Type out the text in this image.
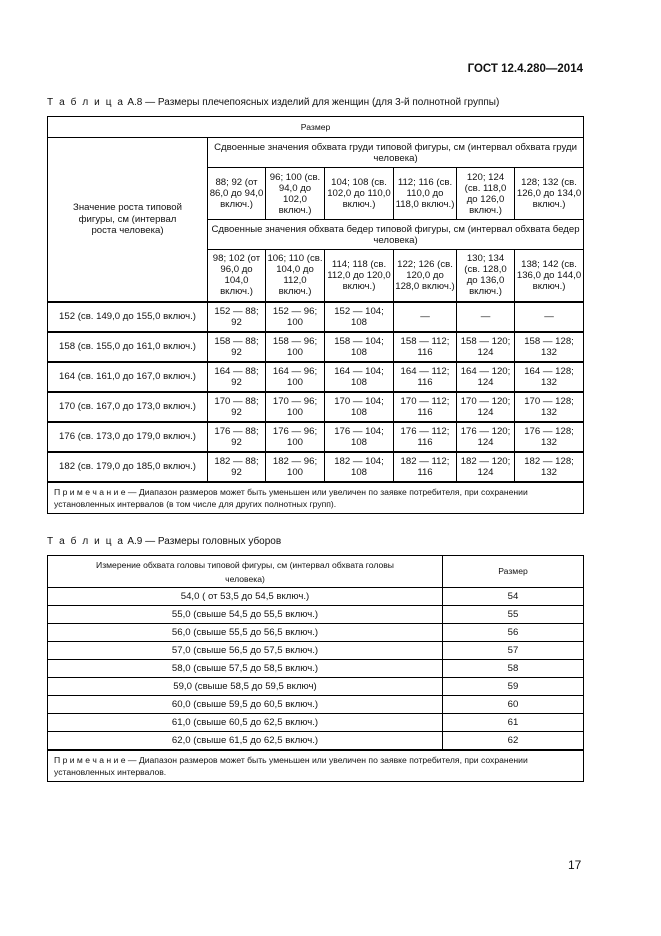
ГОСТ 12.4.280—2014
Т а б л и ц а А.8 — Размеры плечепоясных изделий для женщин (для 3-й полнотной группы)
Размер						
Значение роста типовой фигуры, см (интервал роста человека)	Сдвоенные значения обхвата груди типовой фигуры, см (интервал обхвата груди человека)					
	88; 92 (от 86,0 до 94,0 включ.)	96; 100 (св. 94,0 до 102,0 включ.)	104; 108 (св. 102,0 до 110,0 включ.)	112; 116 (св. 110,0 до 118,0 включ.)	120; 124 (св. 118,0 до 126,0 включ.)	128; 132 (св. 126,0 до 134,0 включ.)
	Сдвоенные значения обхвата бедер типовой фигуры, см (интервал обхвата бедер человека)					
	98; 102 (от 96,0 до 104,0 включ.)	106; 110 (св. 104,0 до 112,0 включ.)	114; 118 (св. 112,0 до 120,0 включ.)	122; 126 (св. 120,0 до 128,0 включ.)	130; 134 (св. 128,0 до 136,0 включ.)	138; 142 (св. 136,0 до 144,0 включ.)
152 (св. 149,0 до 155,0 включ.)	152 — 88; 92	152 — 96; 100	152 — 104; 108	—	—	—
158 (св. 155,0 до 161,0 включ.)	158 — 88; 92	158 — 96; 100	158 — 104; 108	158 — 112; 116	158 — 120; 124	158 — 128; 132
164 (св. 161,0 до 167,0 включ.)	164 — 88; 92	164 — 96; 100	164 — 104; 108	164 — 112; 116	164 — 120; 124	164 — 128; 132
170 (св. 167,0 до 173,0 включ.)	170 — 88; 92	170 — 96; 100	170 — 104; 108	170 — 112; 116	170 — 120; 124	170 — 128; 132
176 (св. 173,0 до 179,0 включ.)	176 — 88; 92	176 — 96; 100	176 — 104; 108	176 — 112; 116	176 — 120; 124	176 — 128; 132
182 (св. 179,0 до 185,0 включ.)	182 — 88; 92	182 — 96; 100	182 — 104; 108	182 — 112; 116	182 — 120; 124	182 — 128; 132
П р и м е ч а н и е — Диапазон размеров может быть уменьшен или увеличен по заявке потребителя, при сохранении установленных интервалов (в том числе для других полнотных групп).						
Т а б л и ц а А.9 — Размеры головных уборов
Измерение обхвата головы типовой фигуры, см (интервал обхвата головы человека)	Размер
54,0 ( от 53,5 до 54,5 включ.)	54
55,0 (свыше 54,5 до 55,5 включ.)	55
56,0 (свыше 55,5 до 56,5 включ.)	56
57,0 (свыше 56,5 до 57,5 включ.)	57
58,0 (свыше 57,5 до 58,5 включ.)	58
59,0 (свыше 58,5 до 59,5 включ)	59
60,0 (свыше 59,5 до 60,5 включ.)	60
61,0 (свыше 60,5 до 62,5 включ.)	61
62,0 (свыше 61,5 до 62,5 включ.)	62
П р и м е ч а н и е — Диапазон размеров может быть уменьшен или увеличен по заявке потребителя, при сохранении установленных интервалов.	
17
